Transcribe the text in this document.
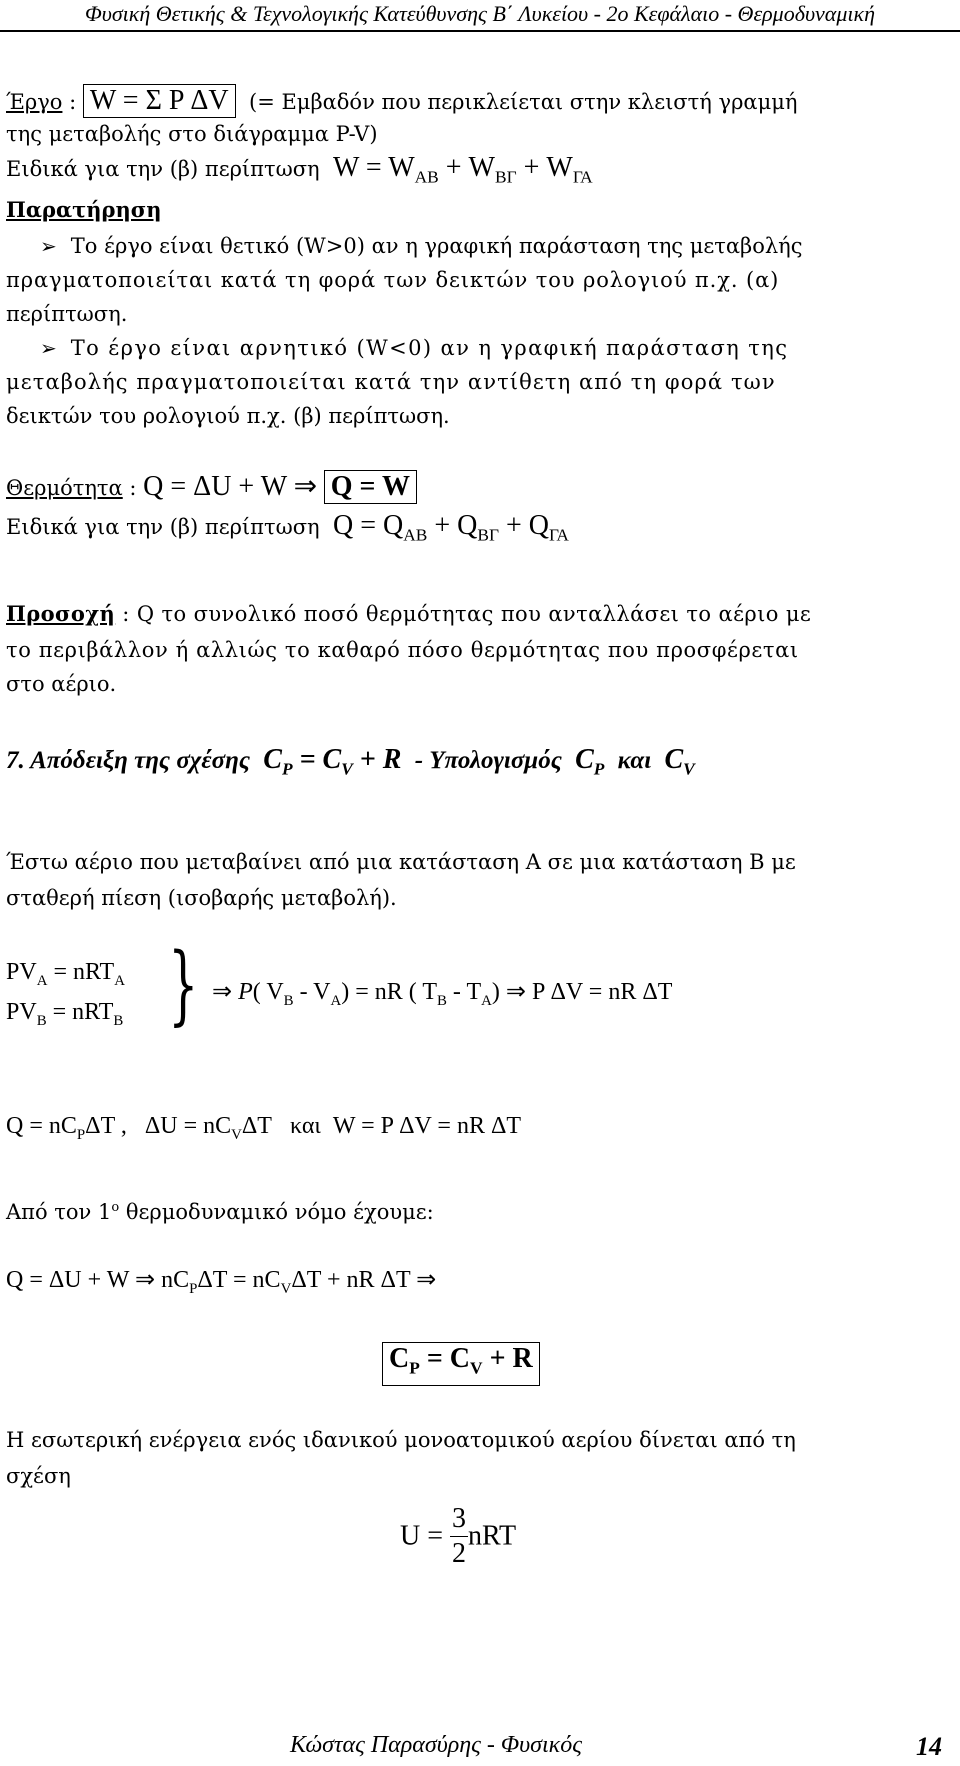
Φυσική Θετικής & Τεχνολογικής Κατεύθυνσης Β΄ Λυκείου - 2ο Κεφάλαιο - Θερμοδυναμική
Έργο : W = Σ P ΔV (= Εμβαδόν που περικλείεται στην κλειστή γραμμή
της μεταβολής στο διάγραμμα P-V)
Ειδικά για την (β) περίπτωση $W = W_{AB} + W_{B\Gamma} + W_{\Gamma A}$
Παρατήρηση
➢ Το έργο είναι θετικό (W>0) αν η γραφική παράσταση της μεταβολής
πραγματοποιείται κατά τη φορά των δεικτών του ρολογιού π.χ. (α)
περίπτωση.
➢ Το έργο είναι αρνητικό (W<0) αν η γραφική παράσταση της
μεταβολής πραγματοποιείται κατά την αντίθετη από τη φορά των
δεικτών του ρολογιού π.χ. (β) περίπτωση.
Θερμότητα : Q = ΔU + W ⇒ Q = W
Ειδικά για την (β) περίπτωση $Q = Q_{AB} + Q_{B\Gamma} + Q_{\Gamma A}$
Προσοχή : Q το συνολικό ποσό θερμότητας που ανταλλάσει το αέριο με
το περιβάλλον ή αλλιώς το καθαρό πόσο θερμότητας που προσφέρεται
στο αέριο.
7. Απόδειξη της σχέσης  $C_P = C_V + R - \Upsilon\pi o\lambda o\gamma\iota\sigma\mu ό\varsigma$  $C_P$ και  $C_V$
Έστω αέριο που μεταβαίνει από μια κατάσταση Α σε μια κατάσταση Β με
σταθερή πίεση (ισοβαρής μεταβολή).
$PV_A = nRT_A$
$PV_B = nRT_B$ } ⇒ P( $V_B - V_A$) = nR ( $T_B - T_A$) ⇒ P ΔV = nR ΔT
$Q = nC_P\Delta T$ ,   $\Delta U = nC_V\Delta T$   και  W = P ΔV = nR ΔT
Από τον $1^o$ θερμοδυναμικό νόμο έχουμε:
Q = ΔU + W ⇒ $nC_P\Delta T = nC_V\Delta T$ + nR ΔT ⇒
$C_P = C_V + R$
Η εσωτερική ενέργεια ενός ιδανικού μονοατομικού αερίου δίνεται από τη
σχέση
$U = \frac{3}{2}$ nRT
Κώστας Παρασύρης - Φυσικός	14
